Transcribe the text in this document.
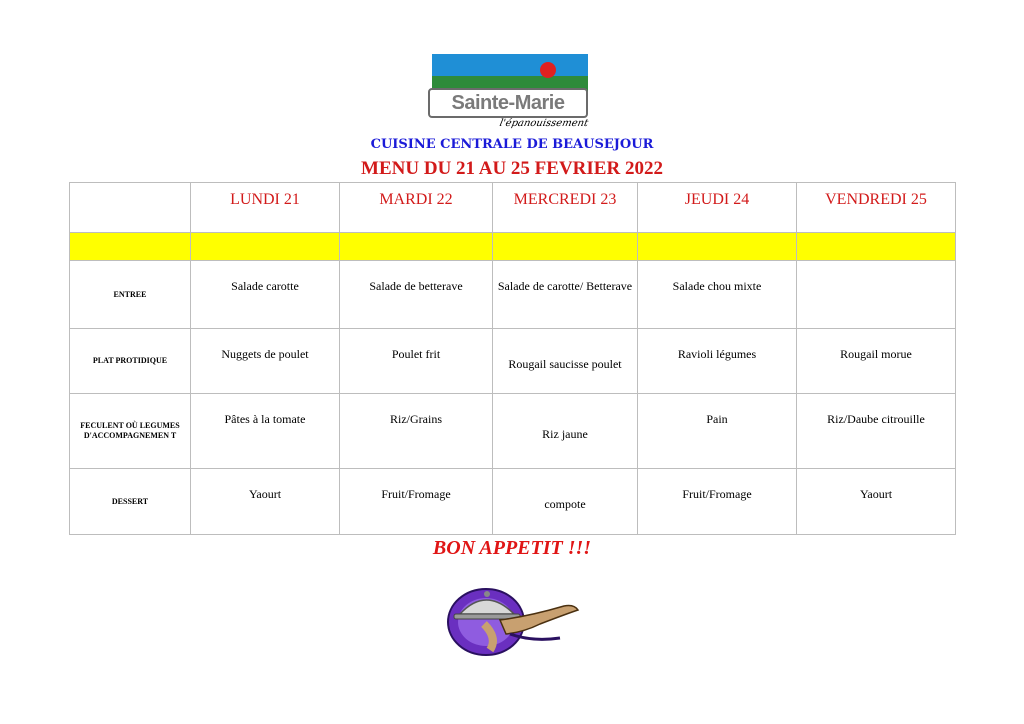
Sainte-Marie
l'épanouissement
CUISINE CENTRALE DE BEAUSEJOUR
MENU DU 21 AU 25 FEVRIER 2022
	LUNDI 21	MARDI 22	MERCREDI 23	JEUDI 24	VENDREDI 25

ENTREE	Salade carotte	Salade de betterave	Salade de carotte/ Betterave	Salade chou mixte	
PLAT PROTIDIQUE	Nuggets de poulet	Poulet frit	Rougail saucisse poulet	Ravioli légumes	Rougail morue
FECULENT OÙ LEGUMES D'ACCOMPAGNEMEN T	Pâtes à la tomate	Riz/Grains	Riz jaune	Pain	Riz/Daube citrouille
DESSERT	Yaourt	Fruit/Fromage	compote	Fruit/Fromage	Yaourt
BON APPETIT !!!
